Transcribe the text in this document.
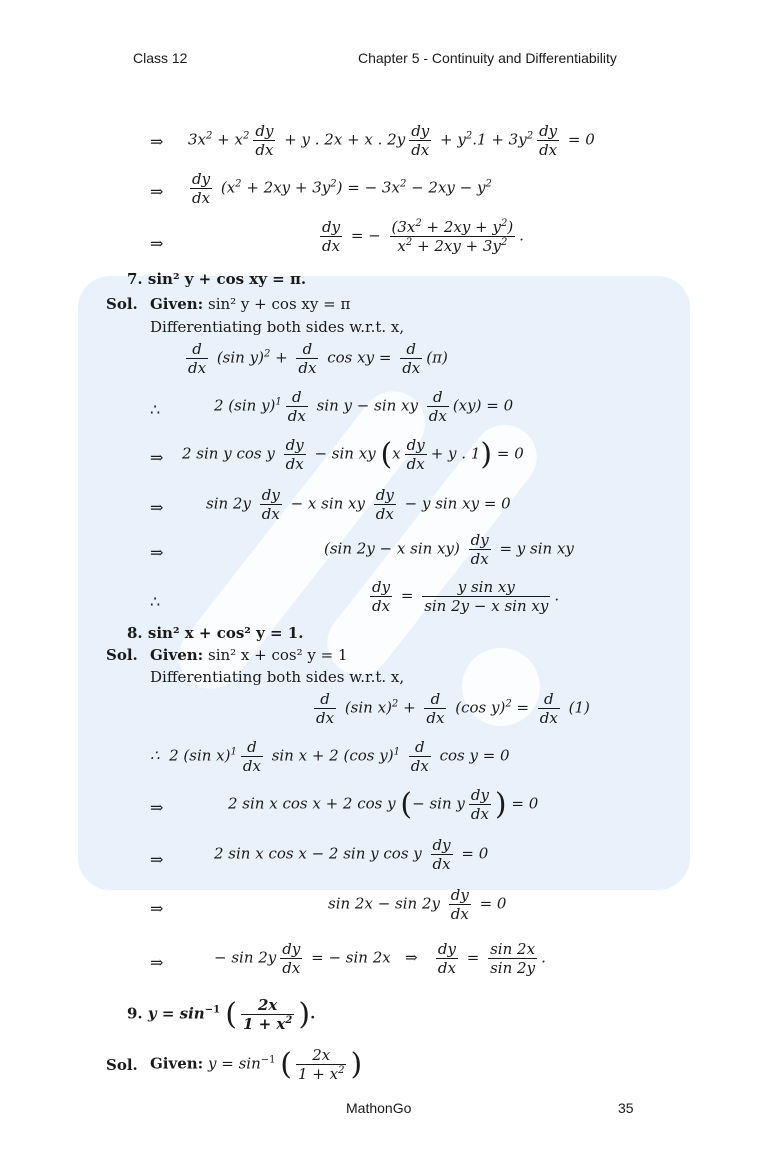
Class 12	Chapter 5 - Continuity and Differentiability
⇒ $3x^2 + x^2 \frac{dy}{dx} + y$ . 2x + x . $2y \frac{dy}{dx} + y^2.1 + 3y^2 \frac{dy}{dx} = 0$
⇒ $\frac{dy}{dx} (x^2 + 2xy + 3y^2)$ = − $3x^2 - 2xy - y^2$
⇒	$\frac{dy}{dx}$ = − $\frac{(3x^2 + 2xy + y^2)}{x^2 + 2xy + 3y^2}$ .
7. sin² y + cos xy = π.
Sol. Given: sin² y + cos xy = π
Differentiating both sides w.r.t. x,
$\frac{d}{dx} (\sin$ $y)^2 + \frac{d}{dx}$ cos xy = $\frac{d}{dx} (\pi)$
∴	2 (sin $y)^1 \frac{d}{dx}$ sin y − sin xy $\frac{d}{dx} (xy) = 0$
⇒ 2 sin y cos y $\frac{dy}{dx} - \sin$ xy ($x \frac{dy}{dx} + y$ . 1) = 0
⇒	$\sin 2y \frac{dy}{dx} - x$ sin xy $\frac{dy}{dx} - y$ sin xy = 0
⇒	(sin 2y − x $\sin xy) \frac{dy}{dx} = y$ sin xy
∴	$\frac{dy}{dx} = \frac{\text{y sin xy}}{\text{sin 2y − x sin xy}}$ .
8. sin² x + cos² y = 1.
Sol. Given: sin² x + cos² y = 1
Differentiating both sides w.r.t. x,
$\frac{d}{dx} (\sin$ $x)^2 + \frac{d}{dx} (\cos$ $y)^2 = \frac{d}{dx} (1)$
∴  2 (sin $x)^1 \frac{d}{dx}$ sin x + 2 (cos $y)^1 \frac{d}{dx}$ cos y = 0
⇒	2 sin x cos x + 2 cos y (− sin y $\frac{dy}{dx}$ ) = 0
⇒	2 sin x cos x − 2 sin y cos y $\frac{dy}{dx} = 0$
⇒	$\sin 2x - \sin 2y \frac{dy}{dx} = 0$
⇒	− $\sin 2y \frac{dy}{dx}$ = − sin 2x   ⇒ $\frac{dy}{dx} = \frac{\sin 2x}{\sin 2y}$ .
9. $y = \sin^{-1}$ ( $\frac{2x}{1 + x^2}$ ).
Sol. Given: $y = \sin^{-1}$ ( $\frac{2x}{1 + x^2}$ )
MathonGo	35
